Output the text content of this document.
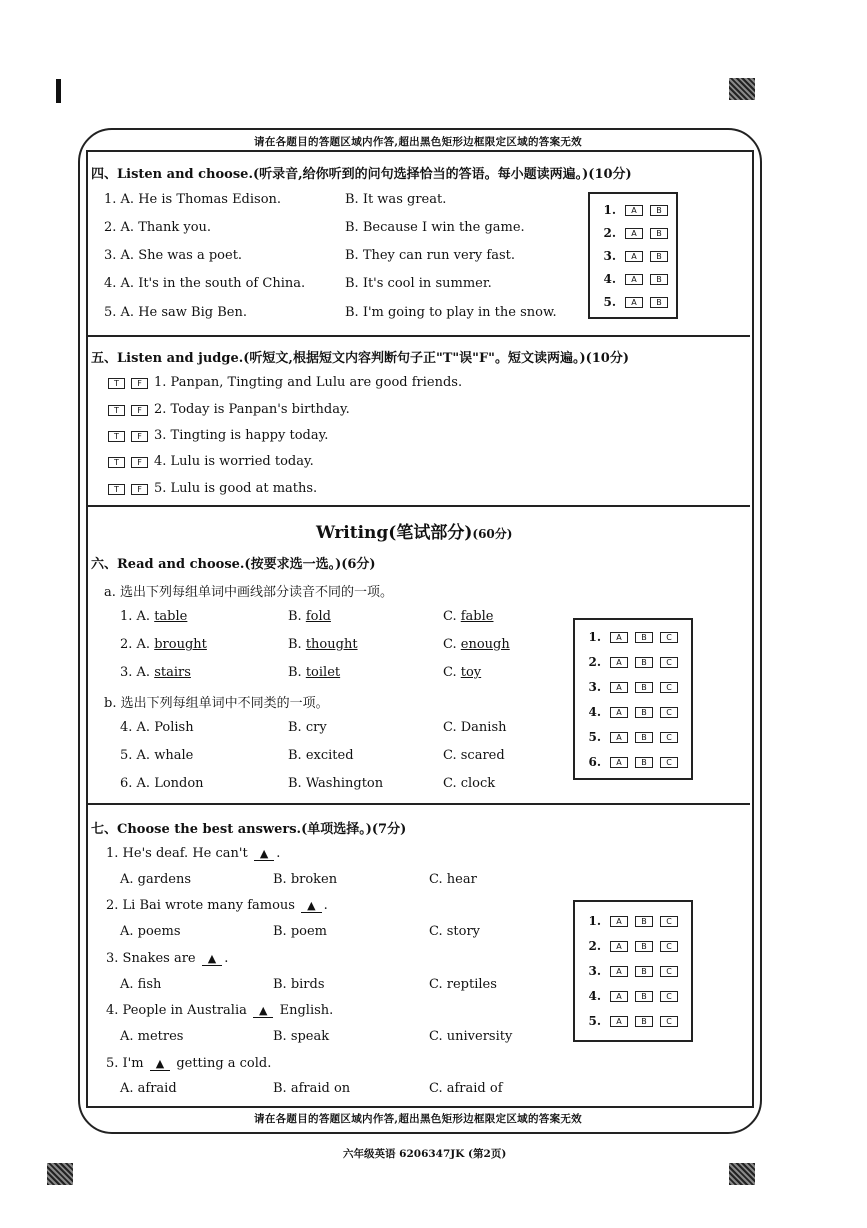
请在各题目的答题区域内作答,超出黑色矩形边框限定区域的答案无效
请在各题目的答题区域内作答,超出黑色矩形边框限定区域的答案无效
四、Listen and choose.(听录音,给你听到的问句选择恰当的答语。每小题读两遍。)(10分)
1. A. He is Thomas Edison.	B. It was great.
2. A. Thank you.	B. Because I win the game.
3. A. She was a poet.	B. They can run very fast.
4. A. It's in the south of China.	B. It's cool in summer.
5. A. He saw Big Ben.	B. I'm going to play in the snow.
1.	A	B
2.	A	B
3.	A	B
4.	A	B
5.	A	B
五、Listen and judge.(听短文,根据短文内容判断句子正"T"误"F"。短文读两遍。)(10分)
T F 1. Panpan, Tingting and Lulu are good friends.
T F 2. Today is Panpan's birthday.
T F 3. Tingting is happy today.
T F 4. Lulu is worried today.
T F 5. Lulu is good at maths.
Writing(笔试部分)(60分)
六、Read and choose.(按要求选一选。)(6分)
a. 选出下列每组单词中画线部分读音不同的一项。
1. A. table	B. fold	C. fable
2. A. brought	B. thought	C. enough
3. A. stairs	B. toilet	C. toy
b. 选出下列每组单词中不同类的一项。
4. A. Polish	B. cry	C. Danish
5. A. whale	B. excited	C. scared
6. A. London	B. Washington	C. clock
1.	A	B	C
2.	A	B	C
3.	A	B	C
4.	A	B	C
5.	A	B	C
6.	A	B	C
七、Choose the best answers.(单项选择。)(7分)
1. He's deaf. He can't ▲ .
A. gardens	B. broken	C. hear
2. Li Bai wrote many famous ▲ .
A. poems	B. poem	C. story
3. Snakes are ▲ .
A. fish	B. birds	C. reptiles
4. People in Australia ▲ English.
A. metres	B. speak	C. university
5. I'm ▲ getting a cold.
A. afraid	B. afraid on	C. afraid of
1.	A	B	C
2.	A	B	C
3.	A	B	C
4.	A	B	C
5.	A	B	C
六年级英语 6206347JK (第2页)
